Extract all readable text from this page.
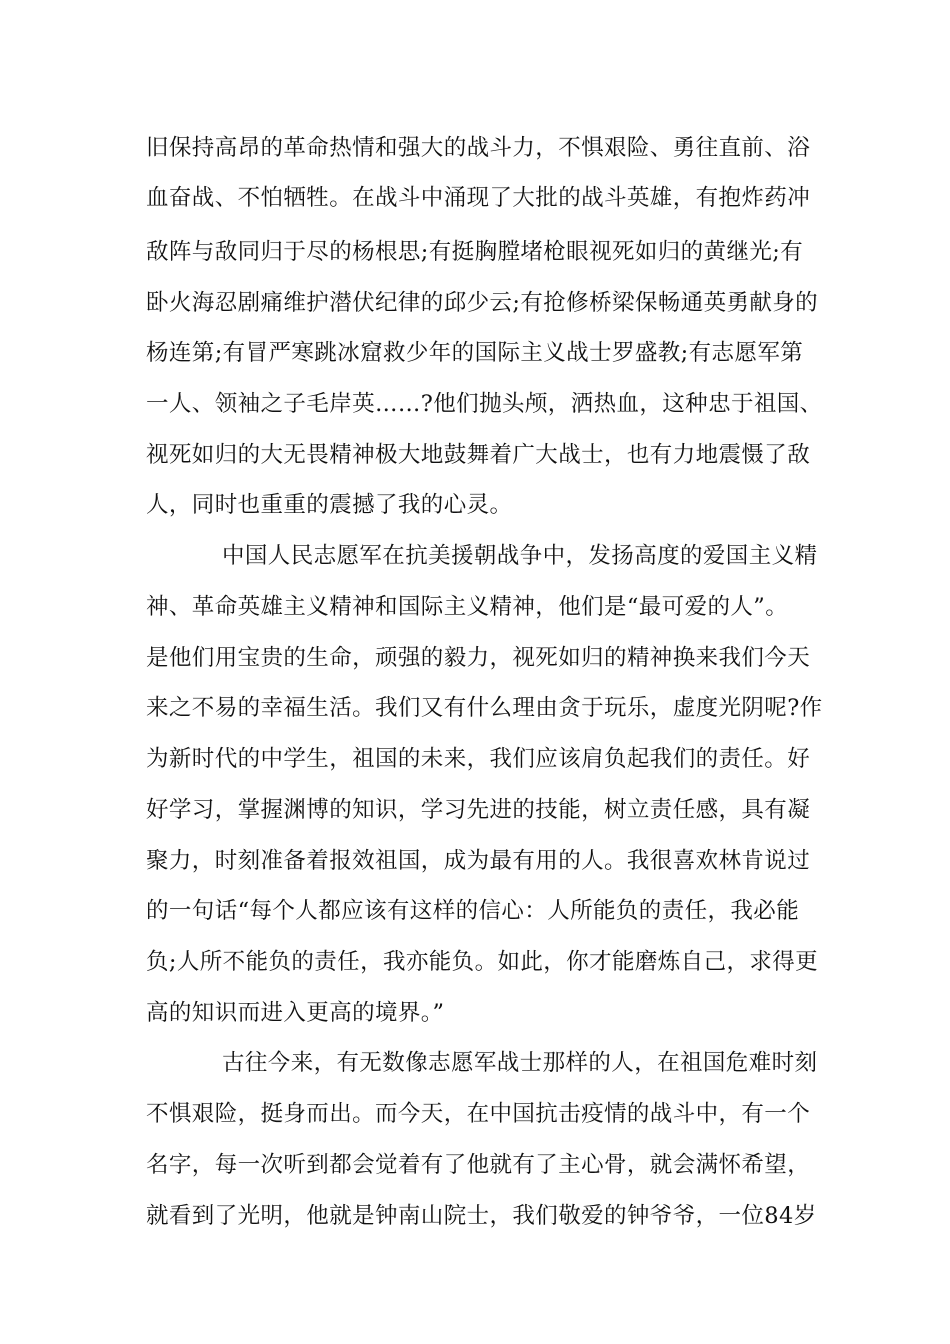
旧保持高昂的革命热情和强大的战斗力，不惧艰险、勇往直前、浴
血奋战、不怕牺牲。在战斗中涌现了大批的战斗英雄，有抱炸药冲
敌阵与敌同归于尽的杨根思;有挺胸膛堵枪眼视死如归的黄继光;有
卧火海忍剧痛维护潜伏纪律的邱少云;有抢修桥梁保畅通英勇献身的
杨连第;有冒严寒跳冰窟救少年的国际主义战士罗盛教;有志愿军第
一人、领袖之子毛岸英……?他们抛头颅，洒热血，这种忠于祖国、
视死如归的大无畏精神极大地鼓舞着广大战士，也有力地震慑了敌
人，同时也重重的震撼了我的心灵。
中国人民志愿军在抗美援朝战争中，发扬高度的爱国主义精
神、革命英雄主义精神和国际主义精神，他们是“最可爱的人”。
是他们用宝贵的生命，顽强的毅力，视死如归的精神换来我们今天
来之不易的幸福生活。我们又有什么理由贪于玩乐，虚度光阴呢?作
为新时代的中学生，祖国的未来，我们应该肩负起我们的责任。好
好学习，掌握渊博的知识，学习先进的技能，树立责任感，具有凝
聚力，时刻准备着报效祖国，成为最有用的人。我很喜欢林肯说过
的一句话“每个人都应该有这样的信心：人所能负的责任，我必能
负;人所不能负的责任，我亦能负。如此，你才能磨炼自己，求得更
高的知识而进入更高的境界。”
古往今来，有无数像志愿军战士那样的人，在祖国危难时刻
不惧艰险，挺身而出。而今天，在中国抗击疫情的战斗中，有一个
名字，每一次听到都会觉着有了他就有了主心骨，就会满怀希望，
就看到了光明，他就是钟南山院士，我们敬爱的钟爷爷，一位84岁
